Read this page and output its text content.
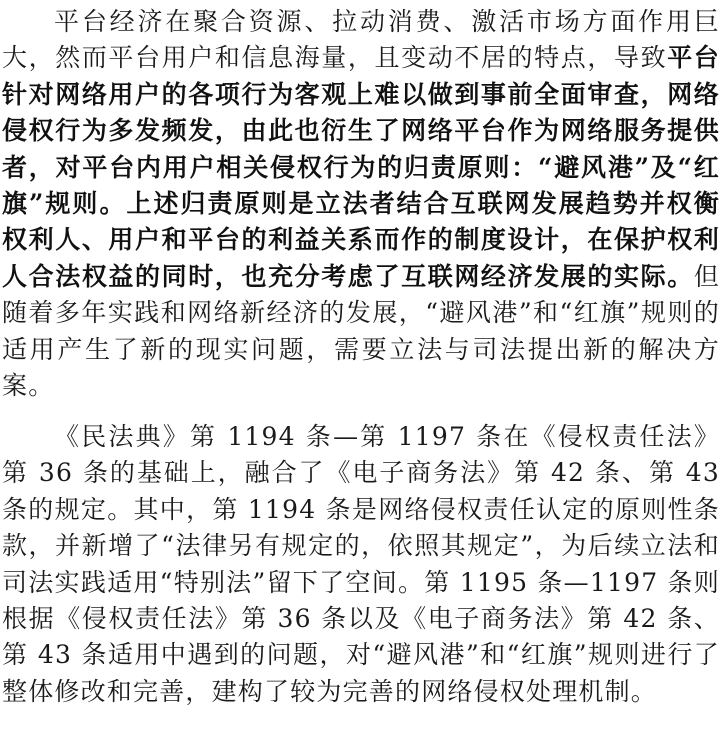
平台经济在聚合资源、拉动消费、激活市场方面作用巨大，然而平台用户和信息海量，且变动不居的特点，导致平台针对网络用户的各项行为客观上难以做到事前全面审查，网络侵权行为多发频发，由此也衍生了网络平台作为网络服务提供者，对平台内用户相关侵权行为的归责原则：“避风港”及“红旗”规则。上述归责原则是立法者结合互联网发展趋势并权衡权利人、用户和平台的利益关系而作的制度设计，在保护权利人合法权益的同时，也充分考虑了互联网经济发展的实际。但随着多年实践和网络新经济的发展，“避风港”和“红旗”规则的适用产生了新的现实问题，需要立法与司法提出新的解决方案。

《民法典》第 1194 条—第 1197 条在《侵权责任法》第 36 条的基础上，融合了《电子商务法》第 42 条、第 43 条的规定。其中，第 1194 条是网络侵权责任认定的原则性条款，并新增了“法律另有规定的，依照其规定”，为后续立法和司法实践适用“特别法”留下了空间。第 1195 条—1197 条则根据《侵权责任法》第 36 条以及《电子商务法》第 42 条、第 43 条适用中遇到的问题，对“避风港”和“红旗”规则进行了整体修改和完善，建构了较为完善的网络侵权处理机制。
